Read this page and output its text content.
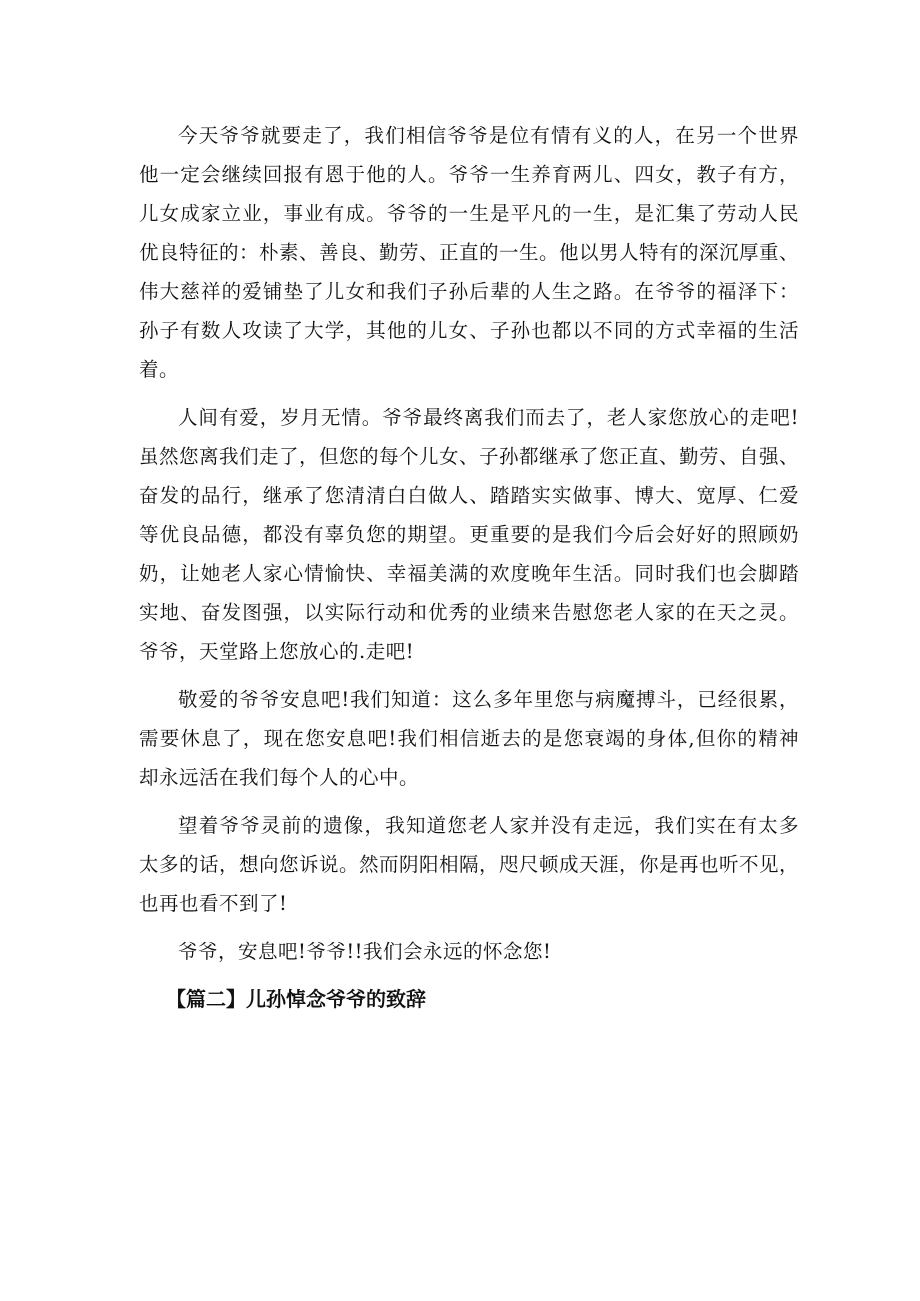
今天爷爷就要走了，我们相信爷爷是位有情有义的人，在另一个世界
他一定会继续回报有恩于他的人。爷爷一生养育两儿、四女，教子有方，
儿女成家立业，事业有成。爷爷的一生是平凡的一生，是汇集了劳动人民
优良特征的：朴素、善良、勤劳、正直的一生。他以男人特有的深沉厚重、
伟大慈祥的爱铺垫了儿女和我们子孙后辈的人生之路。在爷爷的福泽下：
孙子有数人攻读了大学，其他的儿女、子孙也都以不同的方式幸福的生活
着。
人间有爱，岁月无情。爷爷最终离我们而去了，老人家您放心的走吧!
虽然您离我们走了，但您的每个儿女、子孙都继承了您正直、勤劳、自强、
奋发的品行，继承了您清清白白做人、踏踏实实做事、博大、宽厚、仁爱
等优良品德，都没有辜负您的期望。更重要的是我们今后会好好的照顾奶
奶，让她老人家心情愉快、幸福美满的欢度晚年生活。同时我们也会脚踏
实地、奋发图强，以实际行动和优秀的业绩来告慰您老人家的在天之灵。
爷爷，天堂路上您放心的.走吧!
敬爱的爷爷安息吧!我们知道：这么多年里您与病魔搏斗，已经很累，
需要休息了，现在您安息吧!我们相信逝去的是您衰竭的身体,但你的精神
却永远活在我们每个人的心中。
望着爷爷灵前的遗像，我知道您老人家并没有走远，我们实在有太多
太多的话，想向您诉说。然而阴阳相隔，咫尺顿成天涯，你是再也听不见，
也再也看不到了!
爷爷，安息吧!爷爷!!我们会永远的怀念您!
【篇二】儿孙悼念爷爷的致辞
